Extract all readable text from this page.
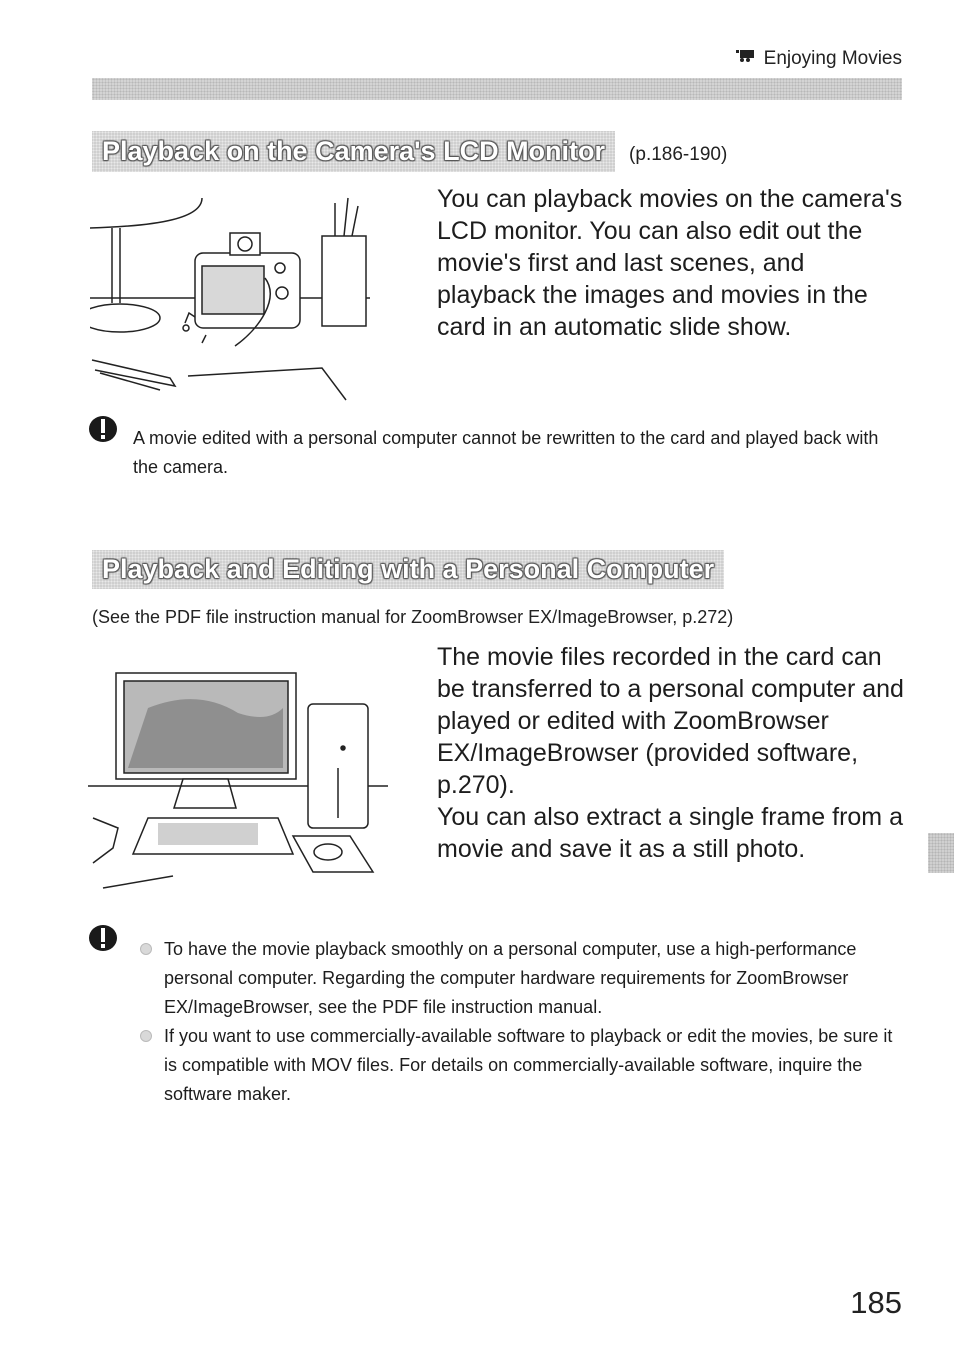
Enjoying Movies
Playback on the Camera's LCD Monitor	(p.186-190)
You can playback movies on the camera's LCD monitor. You can also edit out the movie's first and last scenes, and playback the images and movies in the card in an automatic slide show.
A movie edited with a personal computer cannot be rewritten to the card and played back with the camera.
Playback and Editing with a Personal Computer
(See the PDF file instruction manual for ZoomBrowser EX/ImageBrowser, p.272)

The movie files recorded in the card can be transferred to a personal computer and played or edited with ZoomBrowser EX/ImageBrowser (provided software, p.270).

You can also extract a single frame from a movie and save it as a still photo.

To have the movie playback smoothly on a personal computer, use a high-performance personal computer. Regarding the computer hardware requirements for ZoomBrowser EX/ImageBrowser, see the PDF file instruction manual.
If you want to use commercially-available software to playback or edit the movies, be sure it is compatible with MOV files. For details on commercially-available software, inquire the software maker.
185
